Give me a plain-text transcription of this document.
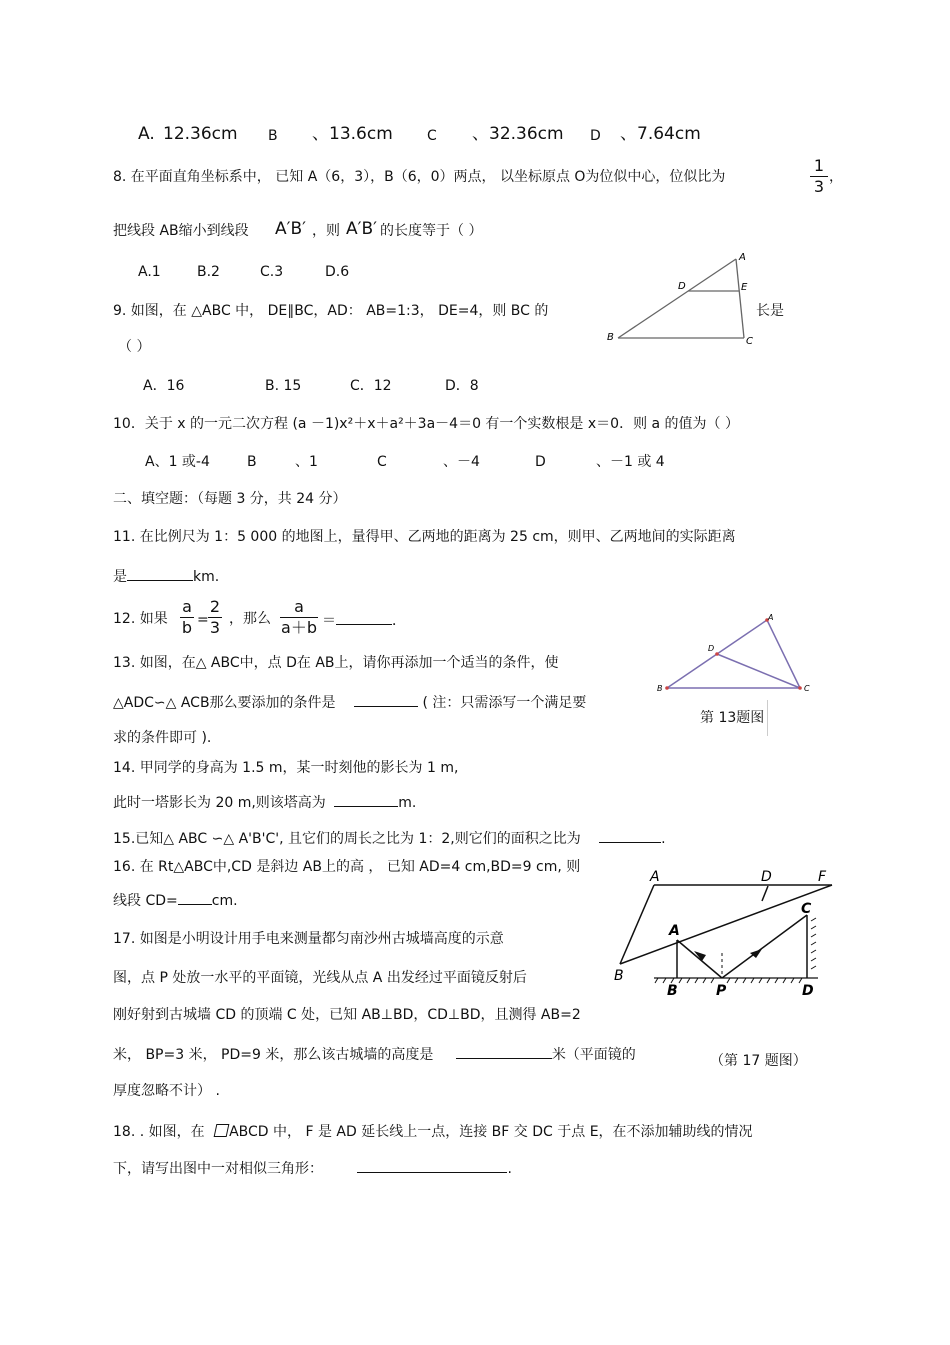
A. 12.36cm B 、13.6cm C 、32.36cm D 、7.64cm
8. 在平面直角坐标系中， 已知 A（6，3），B（6，0）两点， 以坐标原点 O为位似中心，位似比为	$\frac{1}{3}$ ，
把线段 AB缩小到线段 A′B′ ，则 A′B′ 的长度等于（ ）
A.1	B.2	C.3	D.6
9. 如图，在 △ABC 中， DE∥BC，AD： AB=1:3， DE=4，则 BC 的	长是
（ ）
A．16	B. 15	C．12	D．8
A
D	E
B	C
10．关于 x 的一元二次方程 (a －1)x²＋x＋a²＋3a－4＝0 有一个实数根是 x＝0．则 a 的值为（ ）
A、1 或-4	B	、1	C	、－4	D	、－1 或 4
二、填空题：（每题 3 分，共 24 分）
11. 在比例尺为 1：5 000 的地图上，量得甲、乙两地的距离为 25 cm，则甲、乙两地间的实际距离
是	km.
12. 如果 $\frac{a}{b} = \frac{2}{3}$ ，那么 $\frac{a}{a+b}$ ＝	．
13. 如图，在△ ABC中，点 D在 AB上，请你再添加一个适当的条件，使
△ADC∽△ ACB那么要添加的条件是	( 注：只需添写一个满足要
求的条件即可 ).
A
D
B	C
第 13题图
14. 甲同学的身高为 1.5 m，某一时刻他的影长为 1 m,
此时一塔影长为 20 m,则该塔高为	m.
15.已知△ ABC ∽△ A'B'C', 且它们的周长之比为 1：2,则它们的面积之比为	.
16. 在 Rt△ABC中,CD 是斜边 AB上的高 ， 已知 AD=4 cm,BD=9 cm, 则
线段 CD= cm.
A	D	F
B
A
B	P
C
D
（第 17 题图）
17. 如图是小明设计用手电来测量都匀南沙州古城墙高度的示意
图，点 P 处放一水平的平面镜，光线从点 A 出发经过平面镜反射后
刚好射到古城墙 CD 的顶端 C 处，已知 AB⊥BD，CD⊥BD，且测得 AB=2
米， BP=3 米， PD=9 米，那么该古城墙的高度是	米（平面镜的
厚度忽略不计） .
18. . 如图，在 ABCD 中， F 是 AD 延长线上一点，连接 BF 交 DC 于点 E，在不添加辅助线的情况
下，请写出图中一对相似三角形：	.
